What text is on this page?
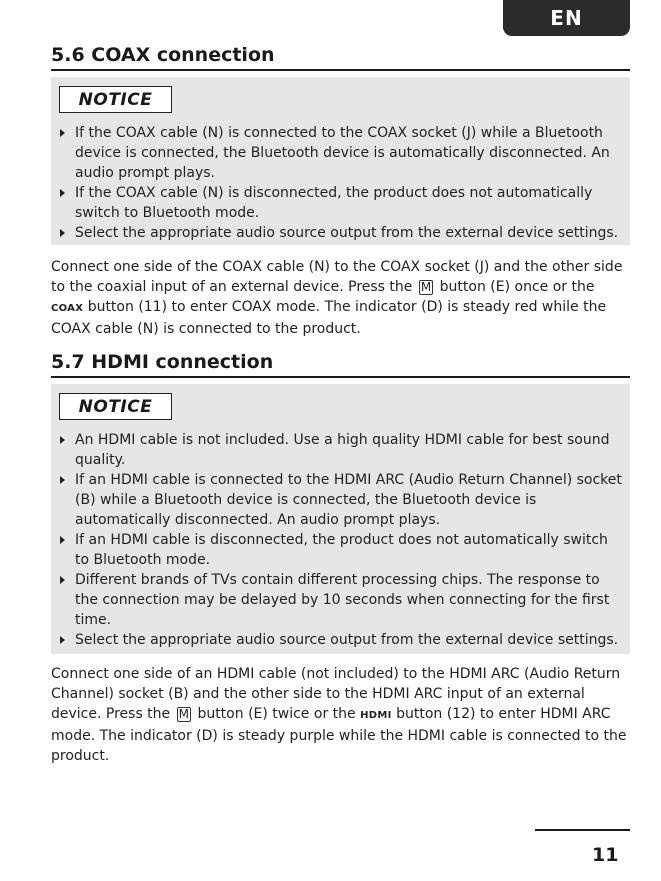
EN
5.6 COAX connection
NOTICE
If the COAX cable (N) is connected to the COAX socket (J) while a Bluetooth device is connected, the Bluetooth device is automatically disconnected. An audio prompt plays.
If the COAX cable (N) is disconnected, the product does not automatically switch to Bluetooth mode.
Select the appropriate audio source output from the external device settings.

Connect one side of the COAX cable (N) to the COAX socket (J) and the other side to the coaxial input of an external device. Press the M button (E) once or the COAX button (11) to enter COAX mode. The indicator (D) is steady red while the COAX cable (N) is connected to the product.

5.7 HDMI connection
NOTICE
An HDMI cable is not included. Use a high quality HDMI cable for best sound quality.
If an HDMI cable is connected to the HDMI ARC (Audio Return Channel) socket (B) while a Bluetooth device is connected, the Bluetooth device is automatically disconnected. An audio prompt plays.
If an HDMI cable is disconnected, the product does not automatically switch to Bluetooth mode.
Different brands of TVs contain different processing chips. The response to the connection may be delayed by 10 seconds when connecting for the first time.
Select the appropriate audio source output from the external device settings.

Connect one side of an HDMI cable (not included) to the HDMI ARC (Audio Return Channel) socket (B) and the other side to the HDMI ARC input of an external device. Press the M button (E) twice or the HDMI button (12) to enter HDMI ARC mode. The indicator (D) is steady purple while the HDMI cable is connected to the product.

11
